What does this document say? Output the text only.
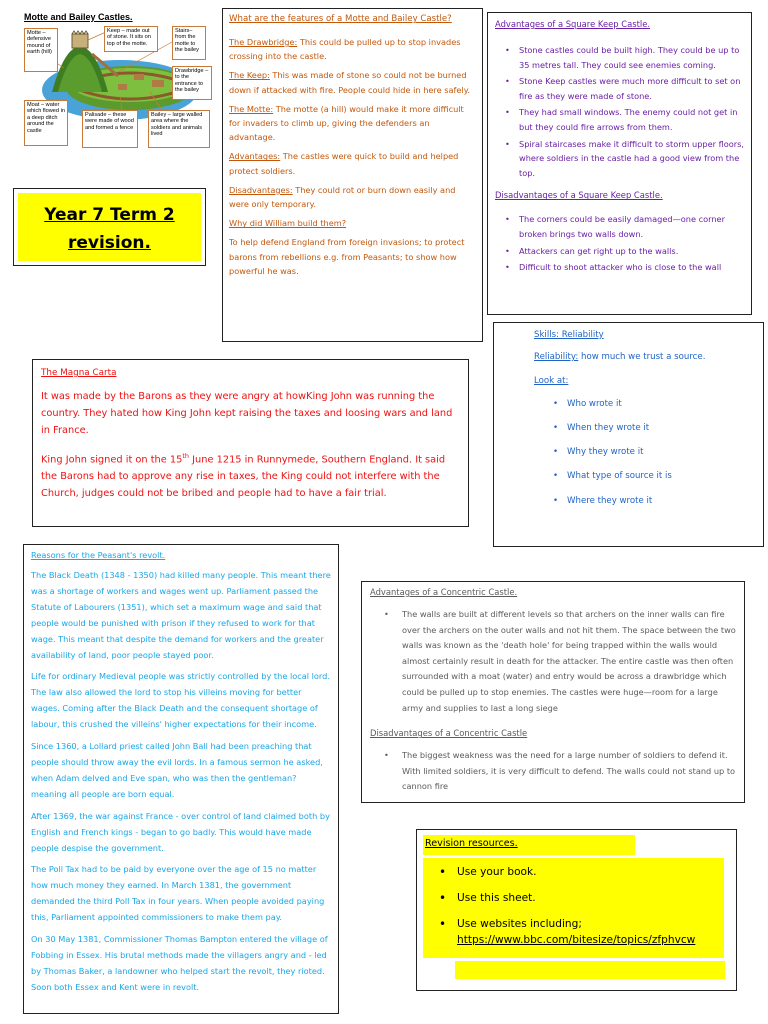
Motte and Bailey Castles.
Motte – defensive mound of earth (hill)
Keep – made out of stone. It sits on top of the motte.
Stairs– from the motte to the bailey
Drawbridge – to the entrance to the bailey
Moat – water which flowed in a deep ditch around the castle
Palisade – these were made of wood and formed a fence
Bailey – large walled area where the soldiers and animals lived
Year 7 Term 2
revision.
What are the features of a Motte and Bailey Castle?

The Drawbridge: This could be pulled up to stop invades crossing into the castle.

The Keep: This was made of stone so could not be burned down if attacked with fire. People could hide in here safely.

The Motte: The motte (a hill) would make it more difficult for invaders to climb up, giving the defenders an advantage.

Advantages: The castles were quick to build and helped protect soldiers.

Disadvantages: They could rot or burn down easily and were only temporary.

Why did William build them?

To help defend England from foreign invasions; to protect barons from rebellions e.g. from Peasants; to show how powerful he was.

Advantages of a Square Keep Castle.
• Stone castles could be built high. They could be up to 35 metres tall. They could see enemies coming.
• Stone Keep castles were much more difficult to set on fire as they were made of stone.
• They had small windows. The enemy could not get in but they could fire arrows from them.
• Spiral staircases make it difficult to storm upper floors, where soldiers in the castle had a good view from the top.
Disadvantages of a Square Keep Castle.
• The corners could be easily damaged—one corner broken brings two walls down.
• Attackers can get right up to the walls.
• Difficult to shoot attacker who is close to the wall
Skills: Reliability
Reliability: how much we trust a source.
Look at:
• Who wrote it
• When they wrote it
• Why they wrote it
• What type of source it is
• Where they wrote it
The Magna Carta

It was made by the Barons as they were angry at howKing John was running the country. They hated how King John kept raising the taxes and loosing wars and land in France.

King John signed it on the 15th June 1215 in Runnymede, Southern England. It said the Barons had to approve any rise in taxes, the King could not interfere with the Church, judges could not be bribed and people had to have a fair trial.

Reasons for the Peasant's revolt.

The Black Death (1348 - 1350) had killed many people. This meant there was a shortage of workers and wages went up. Parliament passed the Statute of Labourers (1351), which set a maximum wage and said that people would be punished with prison if they refused to work for that wage. This meant that despite the demand for workers and the greater availability of land, poor people stayed poor.

Life for ordinary Medieval people was strictly controlled by the local lord. The law also allowed the lord to stop his villeins moving for better wages. Coming after the Black Death and the consequent shortage of labour, this crushed the villeins' higher expectations for their income.

Since 1360, a Lollard priest called John Ball had been preaching that people should throw away the evil lords. In a famous sermon he asked, when Adam delved and Eve span, who was then the gentleman? meaning all people are born equal.

After 1369, the war against France - over control of land claimed both by English and French kings - began to go badly. This would have made people despise the government.

The Poll Tax had to be paid by everyone over the age of 15 no matter how much money they earned. In March 1381, the government demanded the third Poll Tax in four years. When people avoided paying this, Parliament appointed commissioners to make them pay.

On 30 May 1381, Commissioner Thomas Bampton entered the village of Fobbing in Essex. His brutal methods made the villagers angry and - led by Thomas Baker, a landowner who helped start the revolt, they rioted. Soon both Essex and Kent were in revolt.

Advantages of a Concentric Castle.
• The walls are built at different levels so that archers on the inner walls can fire over the archers on the outer walls and not hit them. The space between the two walls was known as the 'death hole' for being trapped within the walls would almost certainly result in death for the attacker. The entire castle was then often surrounded with a moat (water) and entry would be across a drawbridge which could be pulled up to stop enemies. The castles were huge—room for a large army and supplies to last a long siege
Disadvantages of a Concentric Castle
• The biggest weakness was the need for a large number of soldiers to defend it. With limited soldiers, it is very difficult to defend. The walls could not stand up to cannon fire
Revision resources.
• Use your book.
• Use this sheet.
• Use websites including;
https://www.bbc.com/bitesize/topics/zfphvcw
